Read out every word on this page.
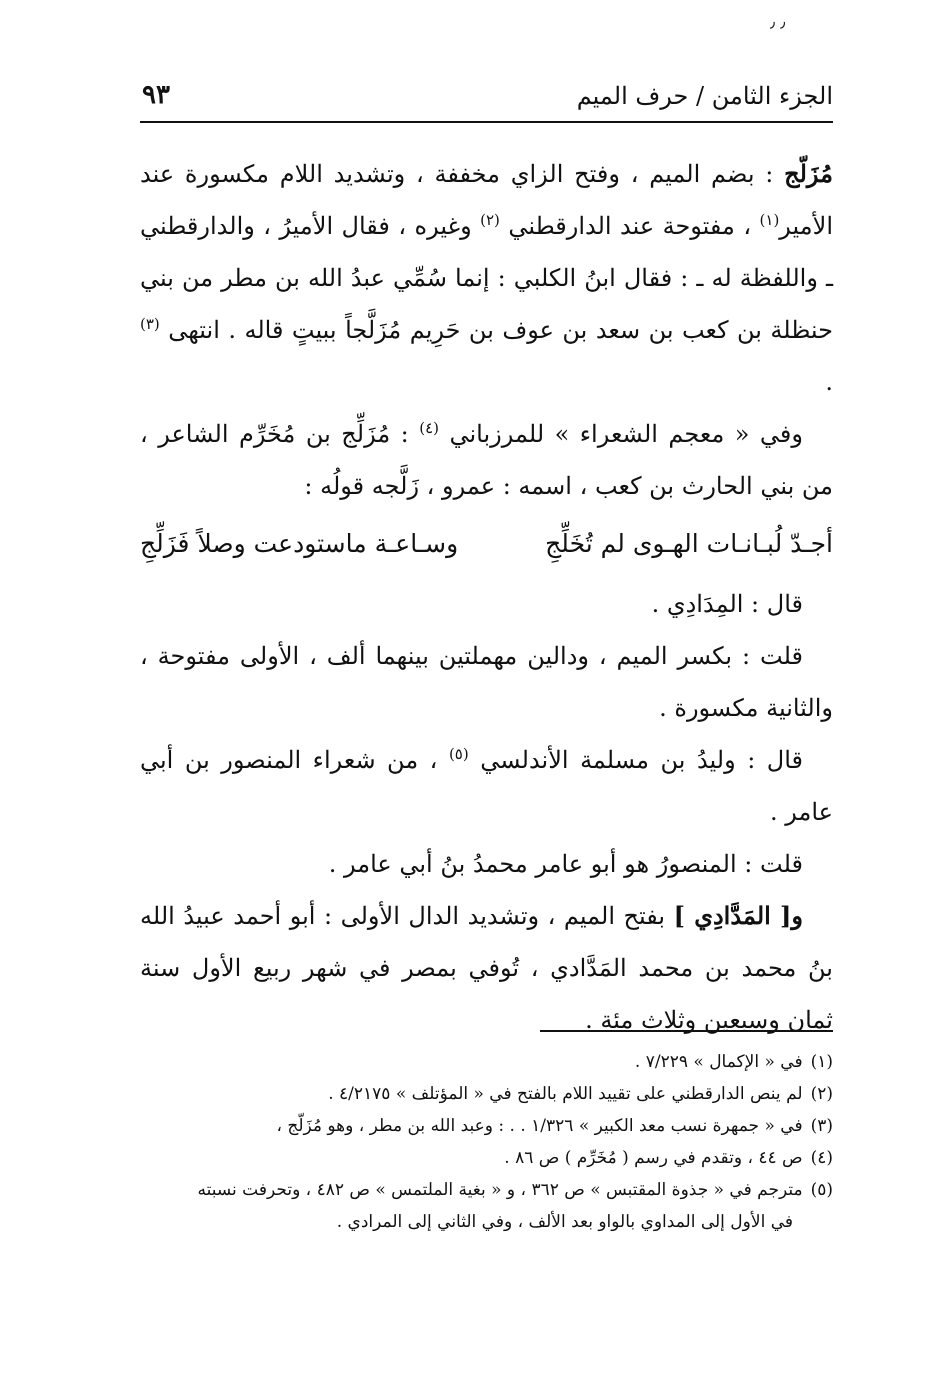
٫ ٫
٩٣	الجزء الثامن / حرف الميم

مُزَلّج : بضم الميم ، وفتح الزاي مخففة ، وتشديد اللام مكسورة عند الأمير$^{(١)}$ ، مفتوحة عند الدارقطني $^{(٢)}$ وغيره ، فقال الأميرُ ، والدارقطني ـ واللفظة له ـ : فقال ابنُ الكلبي : إنما سُمِّي عبدُ الله بن مطر من بني حنظلة بن كعب بن سعد بن عوف بن حَرِيم مُزَلَّجاً ببيتٍ قاله . انتهى $^{(٣)}$ .

وفي « معجم الشعراء » للمرزباني $^{(٤)}$ : مُزَلِّج بن مُخَرِّم الشاعر ، من بني الحارث بن كعب ، اسمه : عمرو ، زَلَّجه قولُه :

أجـدّ لُبـانـات الهـوى لم تُخَلِّجِ
وسـاعـة ماستودعت وصلاً فَزَلِّجِ

قال : المِدَادِي .

قلت : بكسر الميم ، ودالين مهملتين بينهما ألف ، الأولى مفتوحة ، والثانية مكسورة .

قال : وليدُ بن مسلمة الأندلسي $^{(٥)}$ ، من شعراء المنصور بن أبي عامر .

قلت : المنصورُ هو أبو عامر محمدُ بنُ أبي عامر .

و[ المَدَّادِي ] بفتح الميم ، وتشديد الدال الأولى : أبو أحمد عبيدُ الله بنُ محمد بن محمد المَدَّادي ، تُوفي بمصر في شهر ربيع الأول سنة ثمان وسبعين وثلاث مئة .

(١)في « الإكمال » ٧/٢٢٩ .

(٢)لم ينص الدارقطني على تقييد اللام بالفتح في « المؤتلف » ٤/٢١٧٥ .

(٣)في « جمهرة نسب معد الكبير » ١/٣٢٦ . . : وعبد الله بن مطر ، وهو مُزَلّج ،

(٤)ص ٤٤ ، وتقدم في رسم ( مُخَرِّم ) ص ٨٦ .

(٥)مترجم في « جذوة المقتبس » ص ٣٦٢ ، و « بغية الملتمس » ص ٤٨٢ ، وتحرفت نسبته

في الأول إلى المداوي بالواو بعد الألف ، وفي الثاني إلى المرادي .
